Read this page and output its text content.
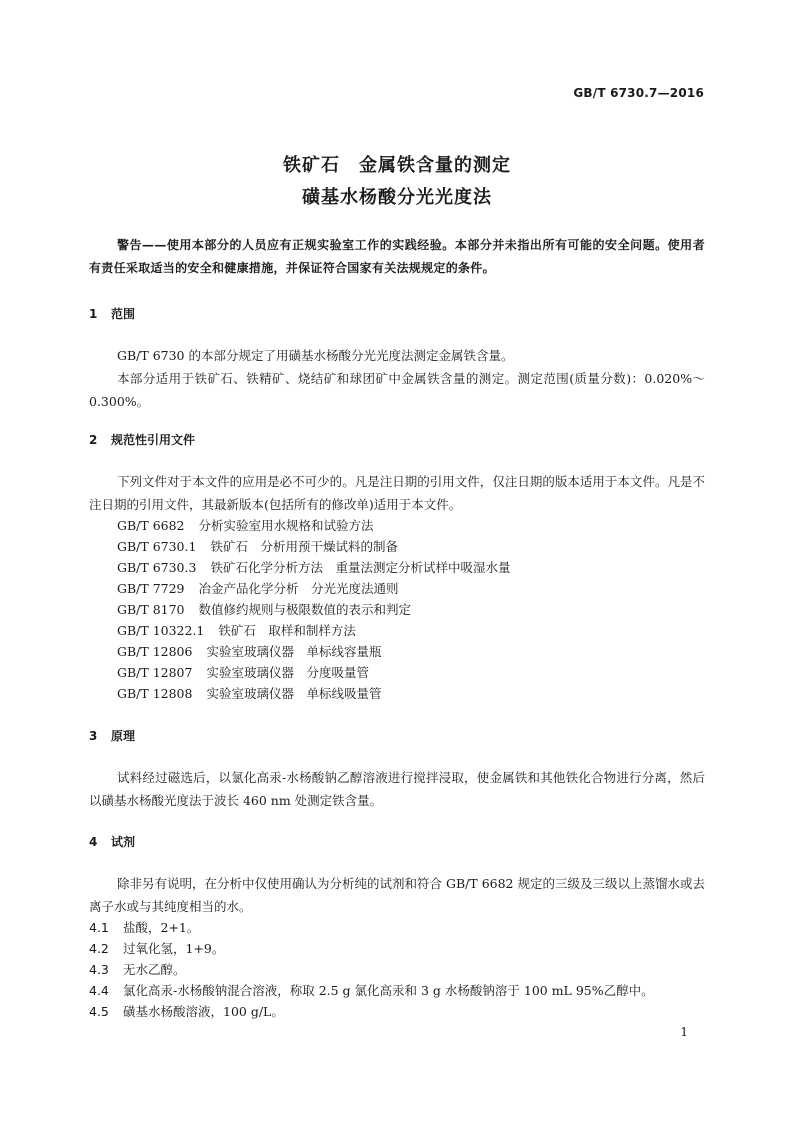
GB/T 6730.7—2016
铁矿石　金属铁含量的测定
磺基水杨酸分光光度法
警告——使用本部分的人员应有正规实验室工作的实践经验。本部分并未指出所有可能的安全问题。使用者有责任采取适当的安全和健康措施，并保证符合国家有关法规规定的条件。
1 范围
GB/T 6730 的本部分规定了用磺基水杨酸分光光度法测定金属铁含量。
本部分适用于铁矿石、铁精矿、烧结矿和球团矿中金属铁含量的测定。测定范围(质量分数)：0.020%～0.300%。
2 规范性引用文件
下列文件对于本文件的应用是必不可少的。凡是注日期的引用文件，仅注日期的版本适用于本文件。凡是不注日期的引用文件，其最新版本(包括所有的修改单)适用于本文件。
GB/T 6682 分析实验室用水规格和试验方法
GB/T 6730.1 铁矿石　分析用预干燥试料的制备
GB/T 6730.3 铁矿石化学分析方法　重量法测定分析试样中吸湿水量
GB/T 7729 冶金产品化学分析　分光光度法通则
GB/T 8170 数值修约规则与极限数值的表示和判定
GB/T 10322.1 铁矿石　取样和制样方法
GB/T 12806 实验室玻璃仪器　单标线容量瓶
GB/T 12807 实验室玻璃仪器　分度吸量管
GB/T 12808 实验室玻璃仪器　单标线吸量管
3 原理
试料经过磁选后，以氯化高汞-水杨酸钠乙醇溶液进行搅拌浸取，使金属铁和其他铁化合物进行分离，然后以磺基水杨酸光度法于波长 460 nm 处测定铁含量。
4 试剂
除非另有说明，在分析中仅使用确认为分析纯的试剂和符合 GB/T 6682 规定的三级及三级以上蒸馏水或去离子水或与其纯度相当的水。
4.1 盐酸，2+1。
4.2 过氧化氢，1+9。
4.3 无水乙醇。
4.4 氯化高汞-水杨酸钠混合溶液，称取 2.5 g 氯化高汞和 3 g 水杨酸钠溶于 100 mL 95%乙醇中。
4.5 磺基水杨酸溶液，100 g/L。
1
